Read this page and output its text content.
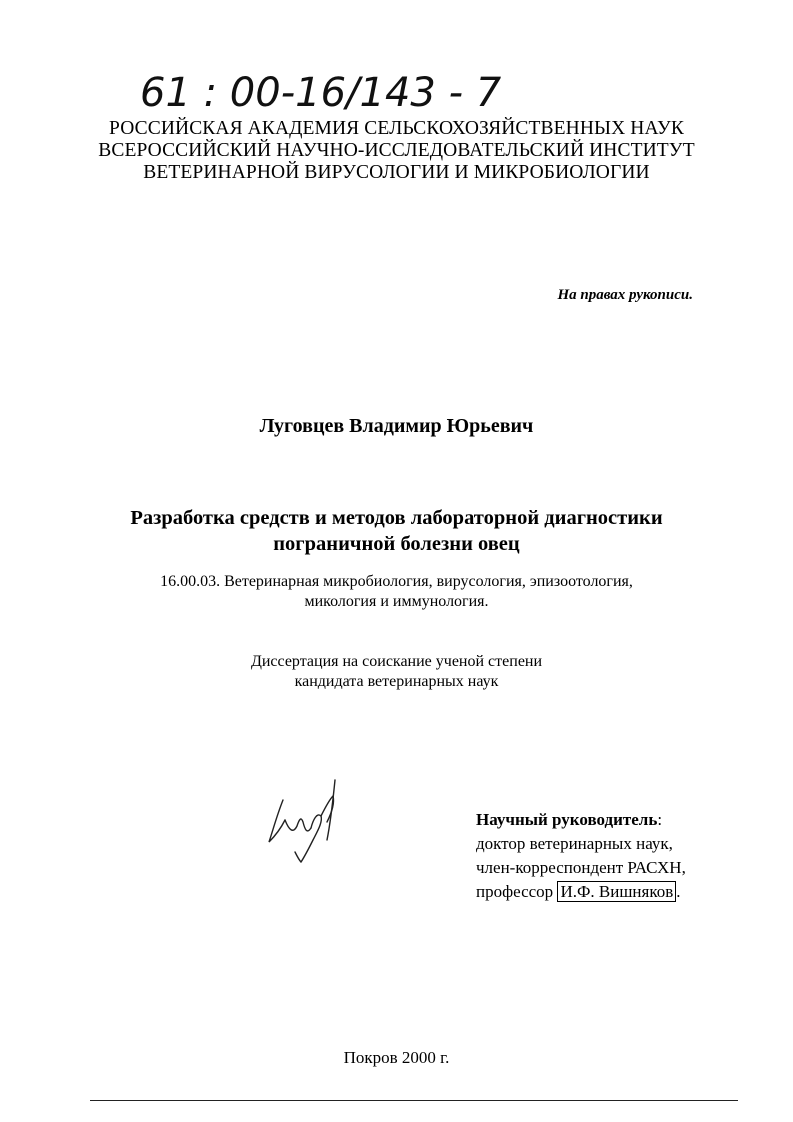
61 : 00-16/143 - 7
РОССИЙСКАЯ АКАДЕМИЯ СЕЛЬСКОХОЗЯЙСТВЕННЫХ НАУК
ВСЕРОССИЙСКИЙ НАУЧНО-ИССЛЕДОВАТЕЛЬСКИЙ ИНСТИТУТ
ВЕТЕРИНАРНОЙ ВИРУСОЛОГИИ И МИКРОБИОЛОГИИ
На правах рукописи.
Луговцев Владимир Юрьевич
Разработка средств и методов лабораторной диагностики
пограничной болезни овец
16.00.03. Ветеринарная микробиология, вирусология, эпизоотология,
микология и иммунология.
Диссертация на соискание ученой степени
кандидата ветеринарных наук
Научный руководитель:
доктор ветеринарных наук,
член-корреспондент РАСХН,
профессор И.Ф. Вишняков .
Покров 2000 г.
